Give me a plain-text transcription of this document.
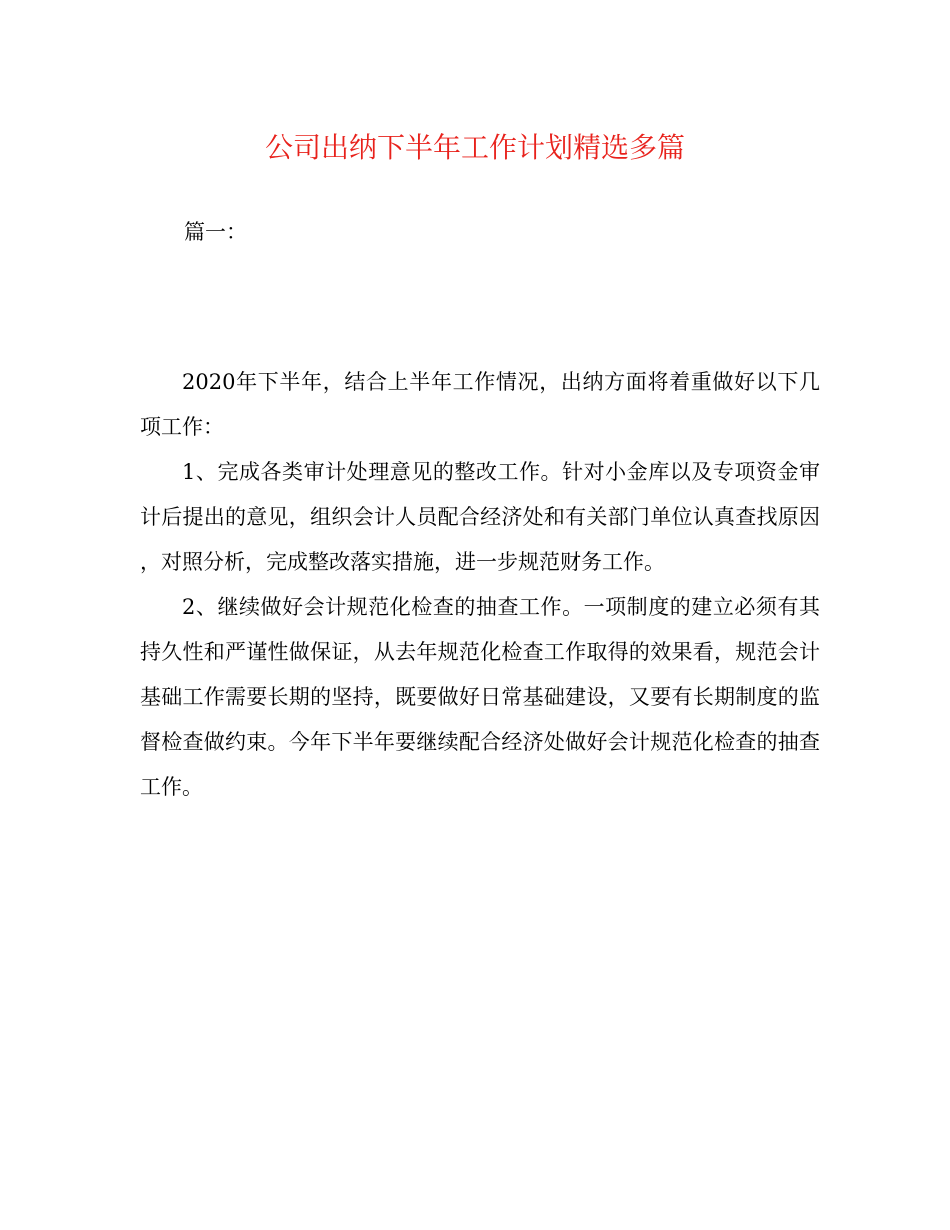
公司出纳下半年工作计划精选多篇
篇一：

2020年下半年，结合上半年工作情况，出纳方面将着重做好以下几项工作：

1、完成各类审计处理意见的整改工作。针对小金库以及专项资金审计后提出的意见，组织会计人员配合经济处和有关部门单位认真查找原因，对照分析，完成整改落实措施，进一步规范财务工作。

2、继续做好会计规范化检查的抽查工作。一项制度的建立必须有其持久性和严谨性做保证，从去年规范化检查工作取得的效果看，规范会计基础工作需要长期的坚持，既要做好日常基础建设，又要有长期制度的监督检查做约束。今年下半年要继续配合经济处做好会计规范化检查的抽查工作。
